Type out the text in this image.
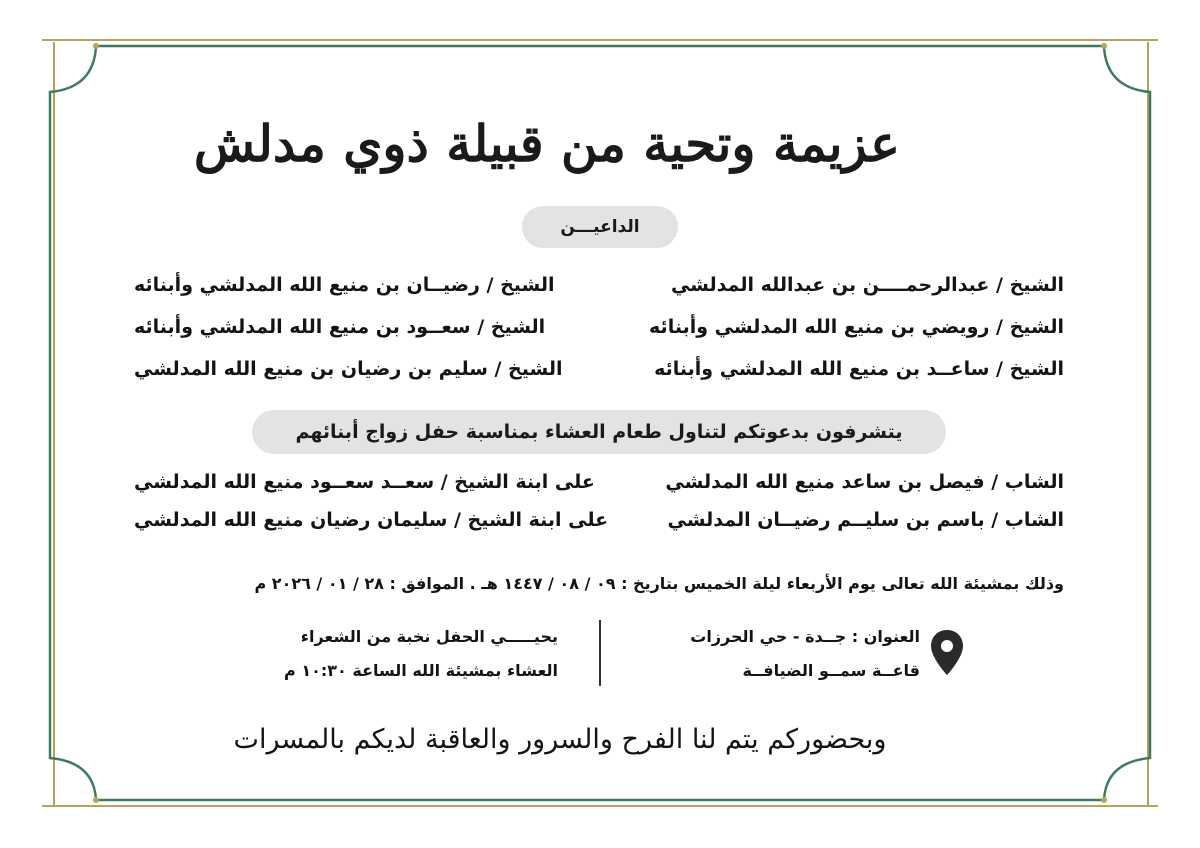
عزيمة وتحية من قبيلة ذوي مدلش
الداعيـــن
الشيخ / عبدالرحمــــن بن عبدالله المدلشي
الشيخ / رويضي بن منيع الله المدلشي وأبنائه
الشيخ / ساعــد بن منيع الله المدلشي وأبنائه
الشيخ / رضيــان بن منيع الله المدلشي وأبنائه
الشيخ / سعــود بن منيع الله المدلشي وأبنائه
الشيخ / سليم بن رضيان بن منيع الله المدلشي
يتشرفون بدعوتكم لتناول طعام العشاء بمناسبة حفل زواج أبنائهم
الشاب / فيصل بن ساعد منيع الله المدلشي
على ابنة الشيخ / سعــد سعــود منيع الله المدلشي
الشاب / باسم بن سليــم رضيــان المدلشي
على ابنة الشيخ / سليمان رضيان منيع الله المدلشي
وذلك بمشيئة الله تعالى يوم الأربعاء ليلة الخميس بتاريخ : ٠٩ / ٠٨ / ١٤٤٧ هـ . الموافق : ٢٨ / ٠١ / ٢٠٢٦ م
العنوان : جــدة - حي الحرزات
قاعــة سمــو الضيافــة
يحيـــــي الحفل نخبة من الشعراء
العشاء بمشيئة الله الساعة ١٠:٣٠ م
وبحضوركم يتم لنا الفرح والسرور والعاقبة لديكم بالمسرات
